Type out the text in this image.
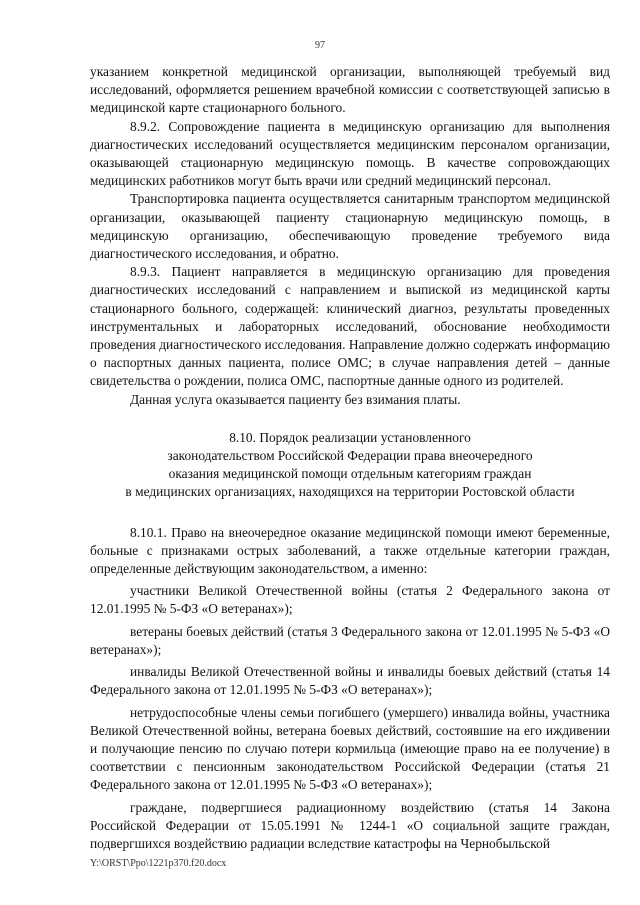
97

указанием конкретной медицинской организации, выполняющей требуемый вид исследований, оформляется решением врачебной комиссии с соответствующей записью в медицинской карте стационарного больного.

8.9.2. Сопровождение пациента в медицинскую организацию для выполнения диагностических исследований осуществляется медицинским персоналом организации, оказывающей стационарную медицинскую помощь. В качестве сопровождающих медицинских работников могут быть врачи или средний медицинский персонал.

Транспортировка пациента осуществляется санитарным транспортом медицинской организации, оказывающей пациенту стационарную медицинскую помощь, в медицинскую организацию, обеспечивающую проведение требуемого вида диагностического исследования, и обратно.

8.9.3. Пациент направляется в медицинскую организацию для проведения диагностических исследований с направлением и выпиской из медицинской карты стационарного больного, содержащей: клинический диагноз, результаты проведенных инструментальных и лабораторных исследований, обоснование необходимости проведения диагностического исследования. Направление должно содержать информацию о паспортных данных пациента, полисе ОМС; в случае направления детей – данные свидетельства о рождении, полиса ОМС, паспортные данные одного из родителей.

Данная услуга оказывается пациенту без взимания платы.

8.10. Порядок реализации установленного
законодательством Российской Федерации права внеочередного
оказания медицинской помощи отдельным категориям граждан
в медицинских организациях, находящихся на территории Ростовской области

8.10.1. Право на внеочередное оказание медицинской помощи имеют беременные, больные с признаками острых заболеваний, а также отдельные категории граждан, определенные действующим законодательством, а именно:

участники Великой Отечественной войны (статья 2 Федерального закона от 12.01.1995 № 5-ФЗ «О ветеранах»);

ветераны боевых действий (статья 3 Федерального закона от 12.01.1995 № 5-ФЗ «О ветеранах»);

инвалиды Великой Отечественной войны и инвалиды боевых действий (статья 14 Федерального закона от 12.01.1995 № 5-ФЗ «О ветеранах»);

нетрудоспособные члены семьи погибшего (умершего) инвалида войны, участника Великой Отечественной войны, ветерана боевых действий, состоявшие на его иждивении и получающие пенсию по случаю потери кормильца (имеющие право на ее получение) в соответствии с пенсионным законодательством Российской Федерации (статья 21 Федерального закона от 12.01.1995 № 5-ФЗ «О ветеранах»);

граждане, подвергшиеся радиационному воздействию (статья 14 Закона Российской Федерации от 15.05.1991 № 1244-1 «О социальной защите граждан, подвергшихся воздействию радиации вследствие катастрофы на Чернобыльской

Y:\ORST\Ppo\1221p370.f20.docx
